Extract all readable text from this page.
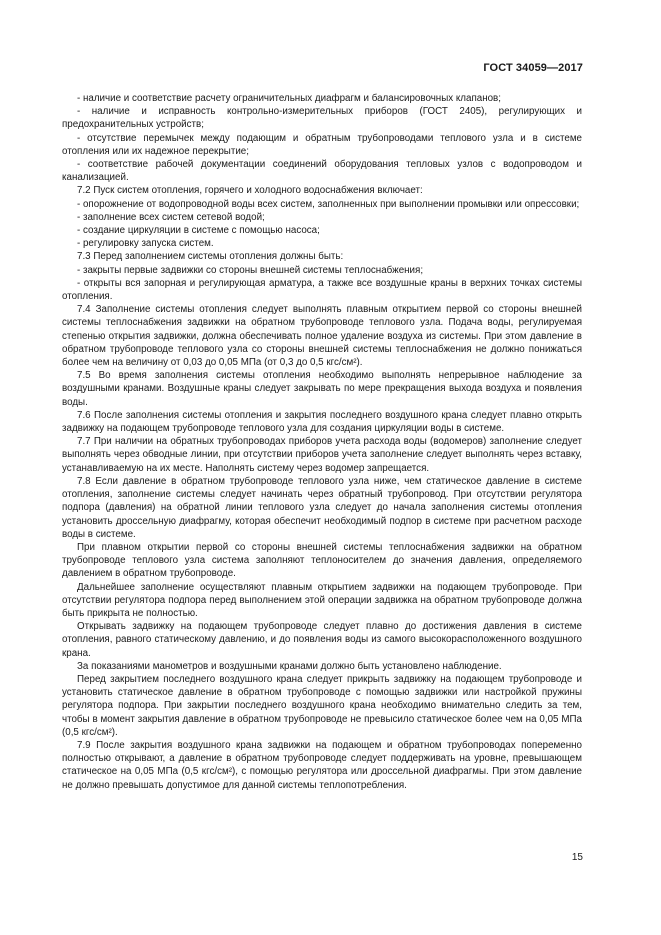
ГОСТ 34059—2017

- наличие и соответствие расчету ограничительных диафрагм и балансировочных клапанов;

- наличие и исправность контрольно-измерительных приборов (ГОСТ 2405), регулирующих и предохранительных устройств;

- отсутствие перемычек между подающим и обратным трубопроводами теплового узла и в системе отопления или их надежное перекрытие;

- соответствие рабочей документации соединений оборудования тепловых узлов с водопроводом и канализацией.

7.2 Пуск систем отопления, горячего и холодного водоснабжения включает:

- опорожнение от водопроводной воды всех систем, заполненных при выполнении промывки или опрессовки;

- заполнение всех систем сетевой водой;

- создание циркуляции в системе с помощью насоса;

- регулировку запуска систем.

7.3 Перед заполнением системы отопления должны быть:

- закрыты первые задвижки со стороны внешней системы теплоснабжения;

- открыты вся запорная и регулирующая арматура, а также все воздушные краны в верхних точках системы отопления.

7.4 Заполнение системы отопления следует выполнять плавным открытием первой со стороны внешней системы теплоснабжения задвижки на обратном трубопроводе теплового узла. Подача воды, регулируемая степенью открытия задвижки, должна обеспечивать полное удаление воздуха из системы. При этом давление в обратном трубопроводе теплового узла со стороны внешней системы теплоснабжения не должно понижаться более чем на величину от 0,03 до 0,05 МПа (от 0,3 до 0,5 кгс/см²).

7.5 Во время заполнения системы отопления необходимо выполнять непрерывное наблюдение за воздушными кранами. Воздушные краны следует закрывать по мере прекращения выхода воздуха и появления воды.

7.6 После заполнения системы отопления и закрытия последнего воздушного крана следует плавно открыть задвижку на подающем трубопроводе теплового узла для создания циркуляции воды в системе.

7.7 При наличии на обратных трубопроводах приборов учета расхода воды (водомеров) заполнение следует выполнять через обводные линии, при отсутствии приборов учета заполнение следует выполнять через вставку, устанавливаемую на их месте. Наполнять систему через водомер запрещается.

7.8 Если давление в обратном трубопроводе теплового узла ниже, чем статическое давление в системе отопления, заполнение системы следует начинать через обратный трубопровод. При отсутствии регулятора подпора (давления) на обратной линии теплового узла следует до начала заполнения системы отопления установить дроссельную диафрагму, которая обеспечит необходимый подпор в системе при расчетном расходе воды в системе.

При плавном открытии первой со стороны внешней системы теплоснабжения задвижки на обратном трубопроводе теплового узла система заполняют теплоносителем до значения давления, определяемого давлением в обратном трубопроводе.

Дальнейшее заполнение осуществляют плавным открытием задвижки на подающем трубопроводе. При отсутствии регулятора подпора перед выполнением этой операции задвижка на обратном трубопроводе должна быть прикрыта не полностью.

Открывать задвижку на подающем трубопроводе следует плавно до достижения давления в системе отопления, равного статическому давлению, и до появления воды из самого высокорасположенного воздушного крана.

За показаниями манометров и воздушными кранами должно быть установлено наблюдение.

Перед закрытием последнего воздушного крана следует прикрыть задвижку на подающем трубопроводе и установить статическое давление в обратном трубопроводе с помощью задвижки или настройкой пружины регулятора подпора. При закрытии последнего воздушного крана необходимо внимательно следить за тем, чтобы в момент закрытия давление в обратном трубопроводе не превысило статическое более чем на 0,05 МПа (0,5 кгс/см²).

7.9 После закрытия воздушного крана задвижки на подающем и обратном трубопроводах попеременно полностью открывают, а давление в обратном трубопроводе следует поддерживать на уровне, превышающем статическое на 0,05 МПа (0,5 кгс/см²), с помощью регулятора или дроссельной диафрагмы. При этом давление не должно превышать допустимое для данной системы теплопотребления.

15
